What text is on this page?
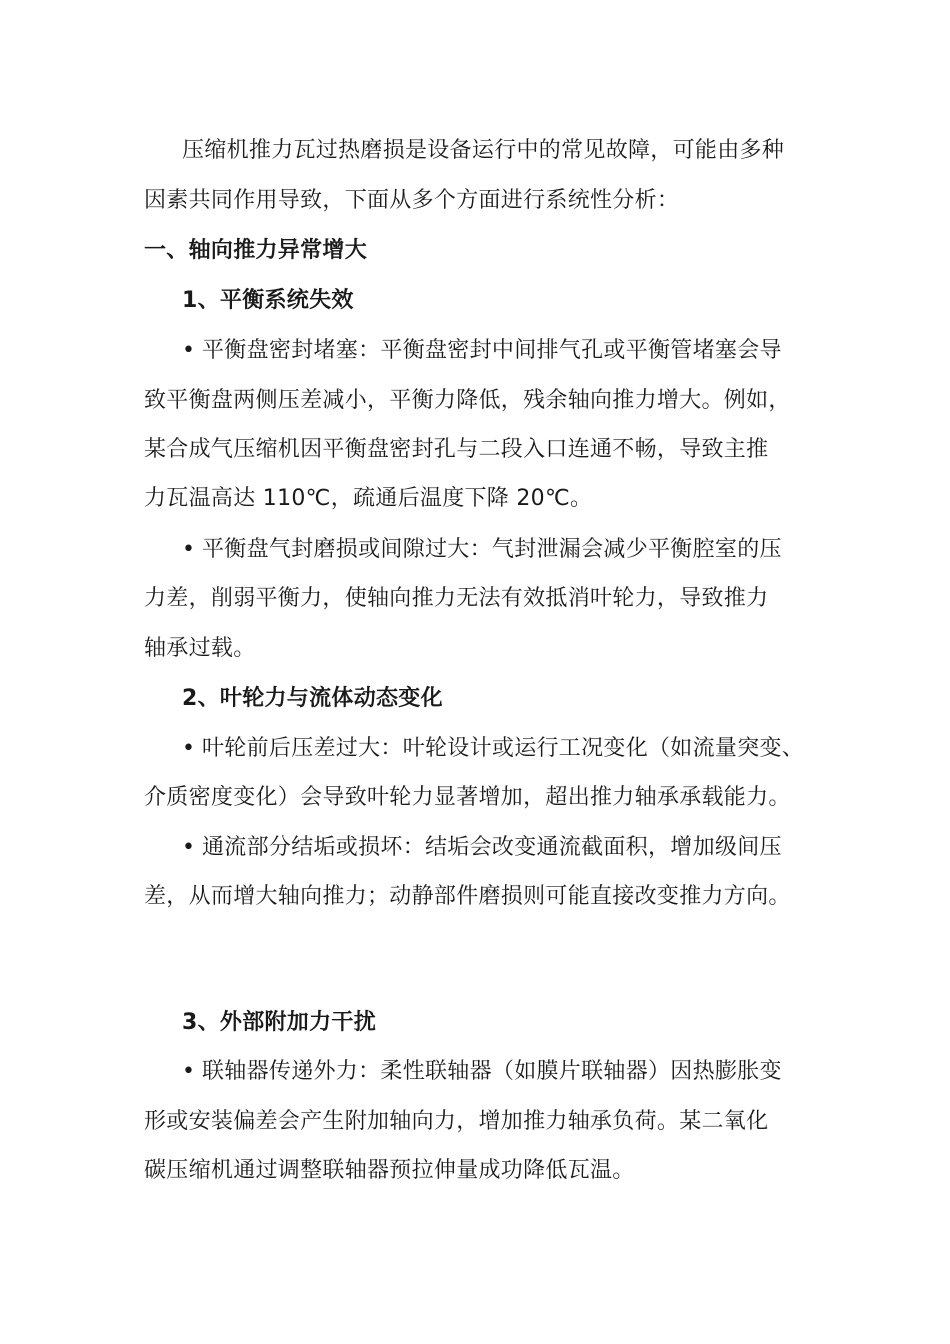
压缩机推力瓦过热磨损是设备运行中的常见故障，可能由多种
因素共同作用导致，下面从多个方面进行系统性分析：
一、轴向推力异常增大
1、平衡系统失效
• 平衡盘密封堵塞：平衡盘密封中间排气孔或平衡管堵塞会导
致平衡盘两侧压差减小，平衡力降低，残余轴向推力增大。例如，
某合成气压缩机因平衡盘密封孔与二段入口连通不畅，导致主推
力瓦温高达 110℃，疏通后温度下降 20℃。
• 平衡盘气封磨损或间隙过大：气封泄漏会减少平衡腔室的压
力差，削弱平衡力，使轴向推力无法有效抵消叶轮力，导致推力
轴承过载。
2、叶轮力与流体动态变化
• 叶轮前后压差过大：叶轮设计或运行工况变化（如流量突变、
介质密度变化）会导致叶轮力显著增加，超出推力轴承承载能力。
• 通流部分结垢或损坏：结垢会改变通流截面积，增加级间压
差，从而增大轴向推力；动静部件磨损则可能直接改变推力方向。
3、外部附加力干扰
• 联轴器传递外力：柔性联轴器（如膜片联轴器）因热膨胀变
形或安装偏差会产生附加轴向力，增加推力轴承负荷。某二氧化
碳压缩机通过调整联轴器预拉伸量成功降低瓦温。
